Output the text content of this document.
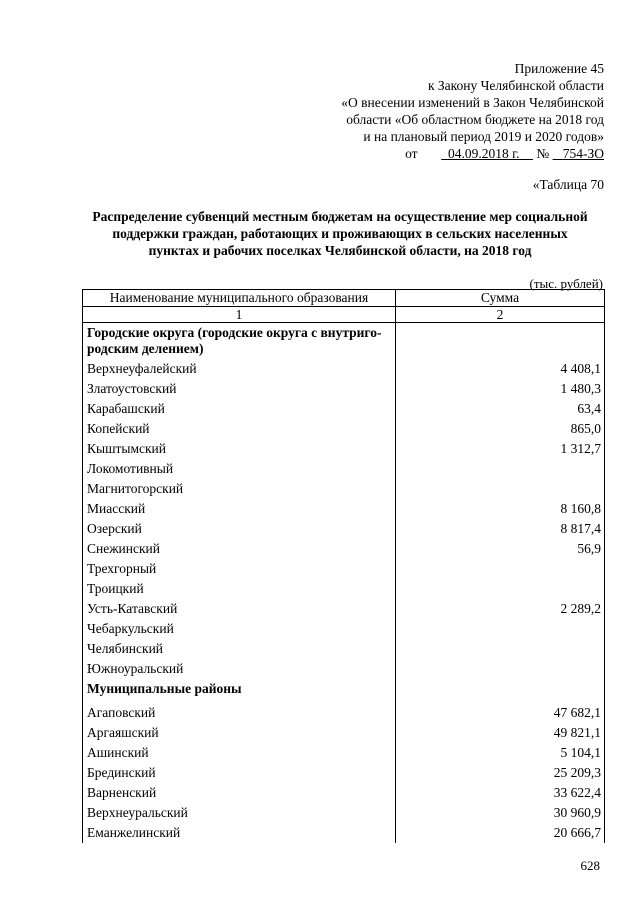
Приложение 45
к Закону Челябинской области
«О внесении изменений в Закон Челябинской
области «Об областном бюджете на 2018 год
и на плановый период 2019 и 2020 годов»
от 04.09.2018 г. № 754-ЗО
«Таблица 70
Распределение субвенций местным бюджетам на осуществление мер социальной
поддержки граждан, работающих и проживающих в сельских населенных
пунктах и рабочих поселках Челябинской области, на 2018 год
(тыс. рублей)
Наименование муниципального образования	Сумма
1	2
Городские округа (городские округа с внутриго-родским делением)	
Верхнеуфалейский	4 408,1
Златоустовский	1 480,3
Карабашский	63,4
Копейский	865,0
Кыштымский	1 312,7
Локомотивный	
Магнитогорский	
Миасский	8 160,8
Озерский	8 817,4
Снежинский	56,9
Трехгорный	
Троицкий	
Усть-Катавский	2 289,2
Чебаркульский	
Челябинский	
Южноуральский	
Муниципальные районы	
Агаповский	47 682,1
Аргаяшский	49 821,1
Ашинский	5 104,1
Брединский	25 209,3
Варненский	33 622,4
Верхнеуральский	30 960,9
Еманжелинский	20 666,7
628
